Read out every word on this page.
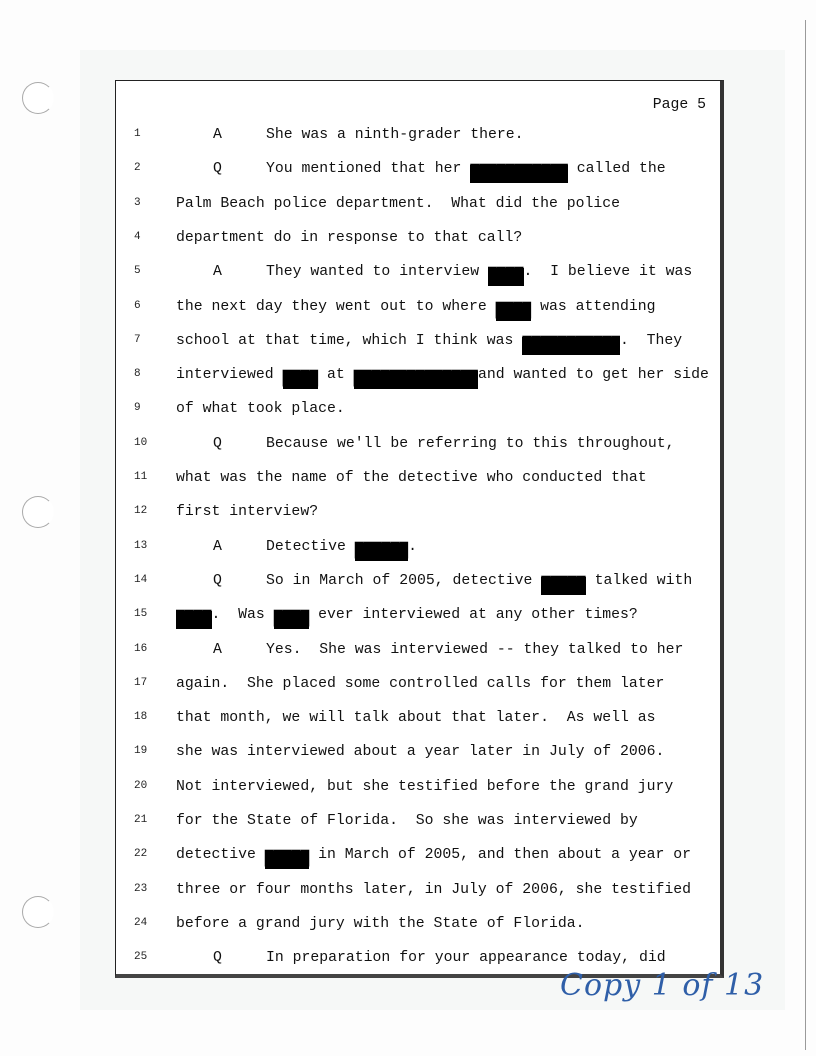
Page 5
1	A	She was a ninth-grader there.
2	Q	You mentioned that her ███████████ called the
3 Palm Beach police department.  What did the police
4 department do in response to that call?
5	A	They wanted to interview ████.  I believe it was
6 the next day they went out to where ████ was attending
7 school at that time, which I think was ███████████.  They
8 interviewed ████ at ██████████████and wanted to get her side
9 of what took place.
10	Q	Because we'll be referring to this throughout,
11 what was the name of the detective who conducted that
12 first interview?
13	A	Detective ██████.
14	Q	So in March of 2005, detective █████ talked with
15 ████.  Was ████ ever interviewed at any other times?
16	A	Yes.  She was interviewed -- they talked to her
17 again.  She placed some controlled calls for them later
18 that month, we will talk about that later.  As well as
19 she was interviewed about a year later in July of 2006.
20 Not interviewed, but she testified before the grand jury
21 for the State of Florida.  So she was interviewed by
22 detective █████ in March of 2005, and then about a year or
23 three or four months later, in July of 2006, she testified
24 before a grand jury with the State of Florida.
25	Q	In preparation for your appearance today, did
Copy 1 of 13
